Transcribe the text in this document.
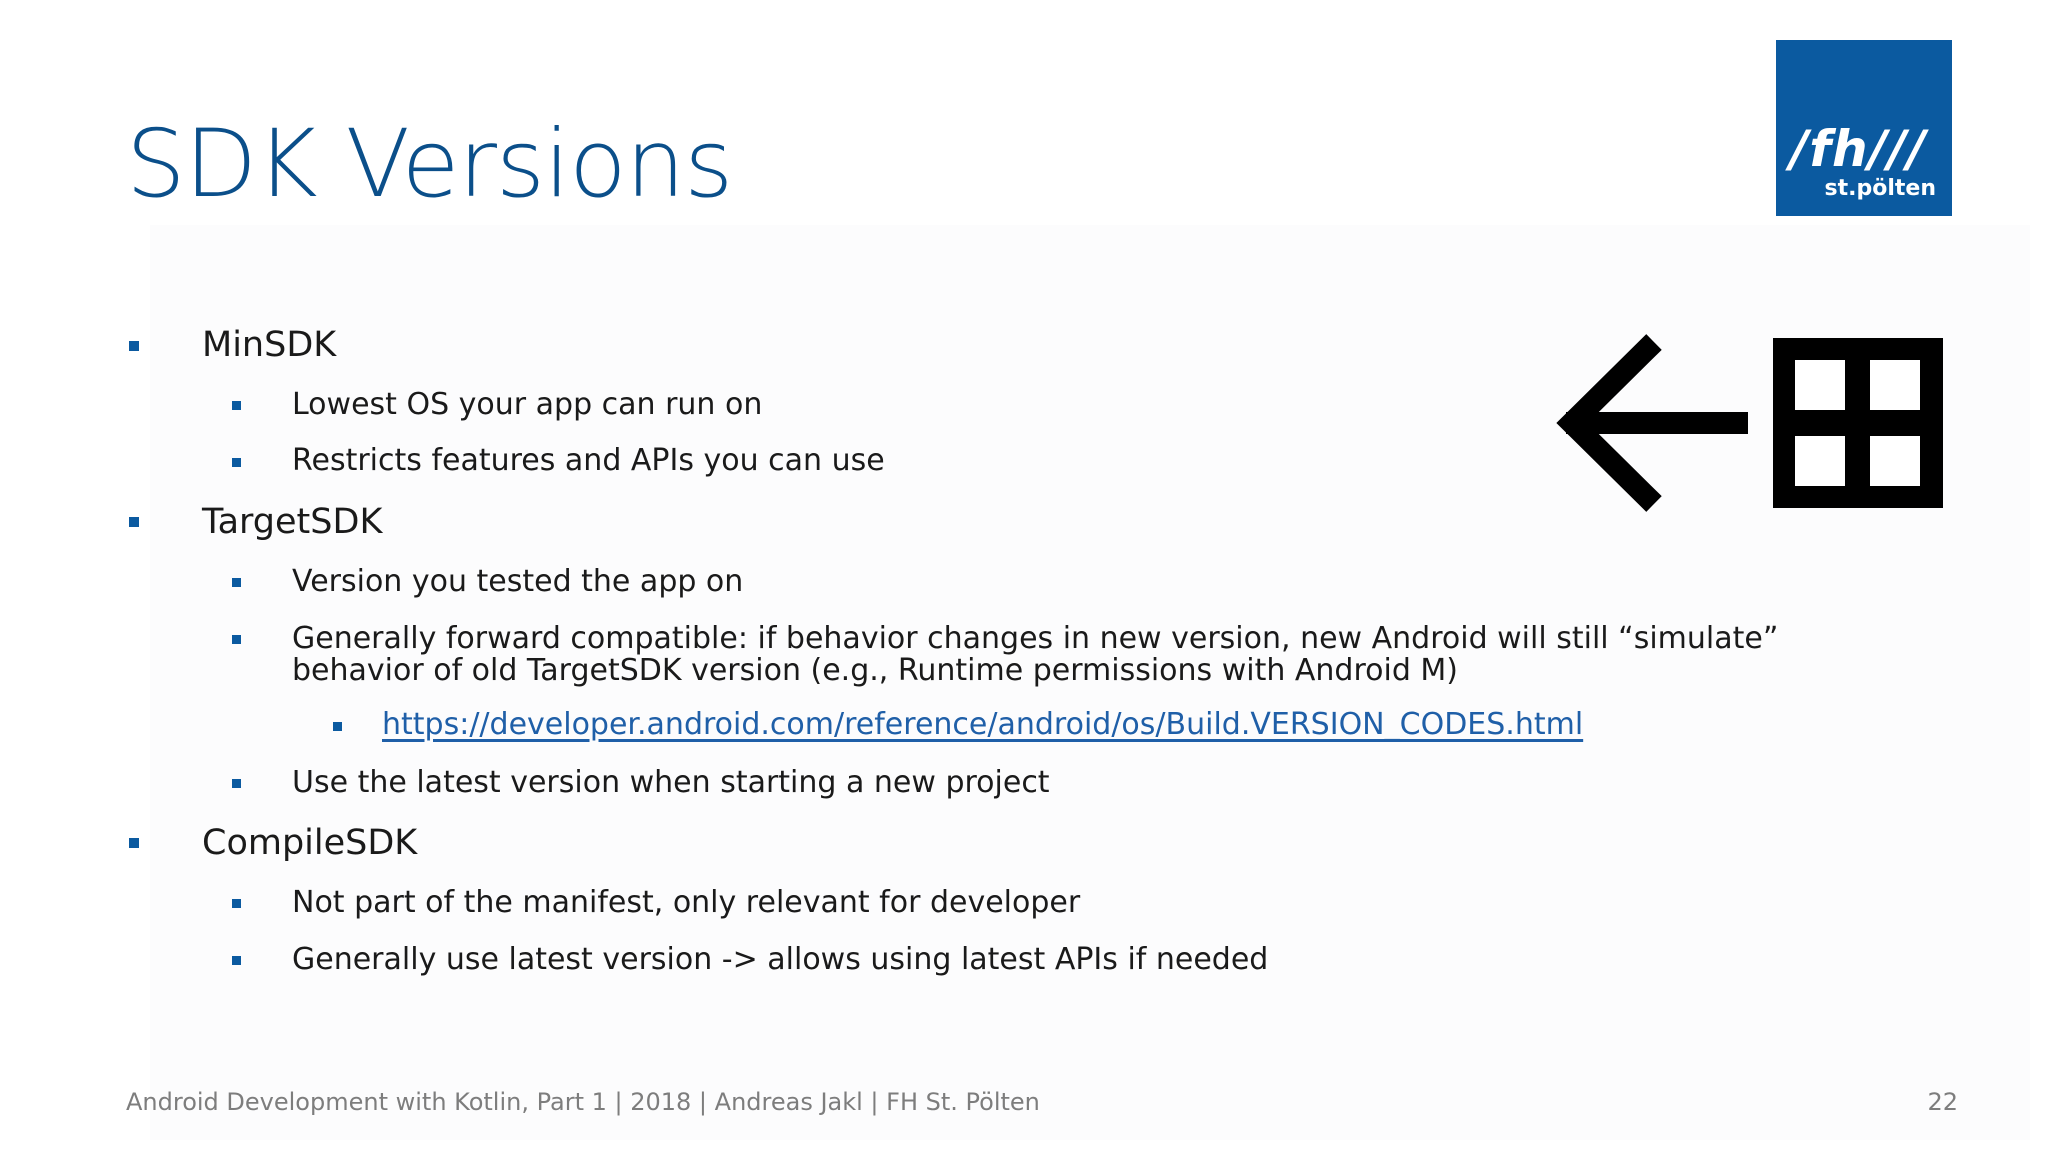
SDK Versions	/fh///
st.pölten
MinSDK
Lowest OS your app can run on
Restricts features and APIs you can use
TargetSDK
Version you tested the app on
Generally forward compatible: if behavior changes in new version, new Android will still “simulate” behavior of old TargetSDK version (e.g., Runtime permissions with Android M)
https://developer.android.com/reference/android/os/Build.VERSION_CODES.html
Use the latest version when starting a new project
CompileSDK
Not part of the manifest, only relevant for developer
Generally use latest version -> allows using latest APIs if needed
Android Development with Kotlin, Part 1 | 2018 | Andreas Jakl | FH St. Pölten	22
